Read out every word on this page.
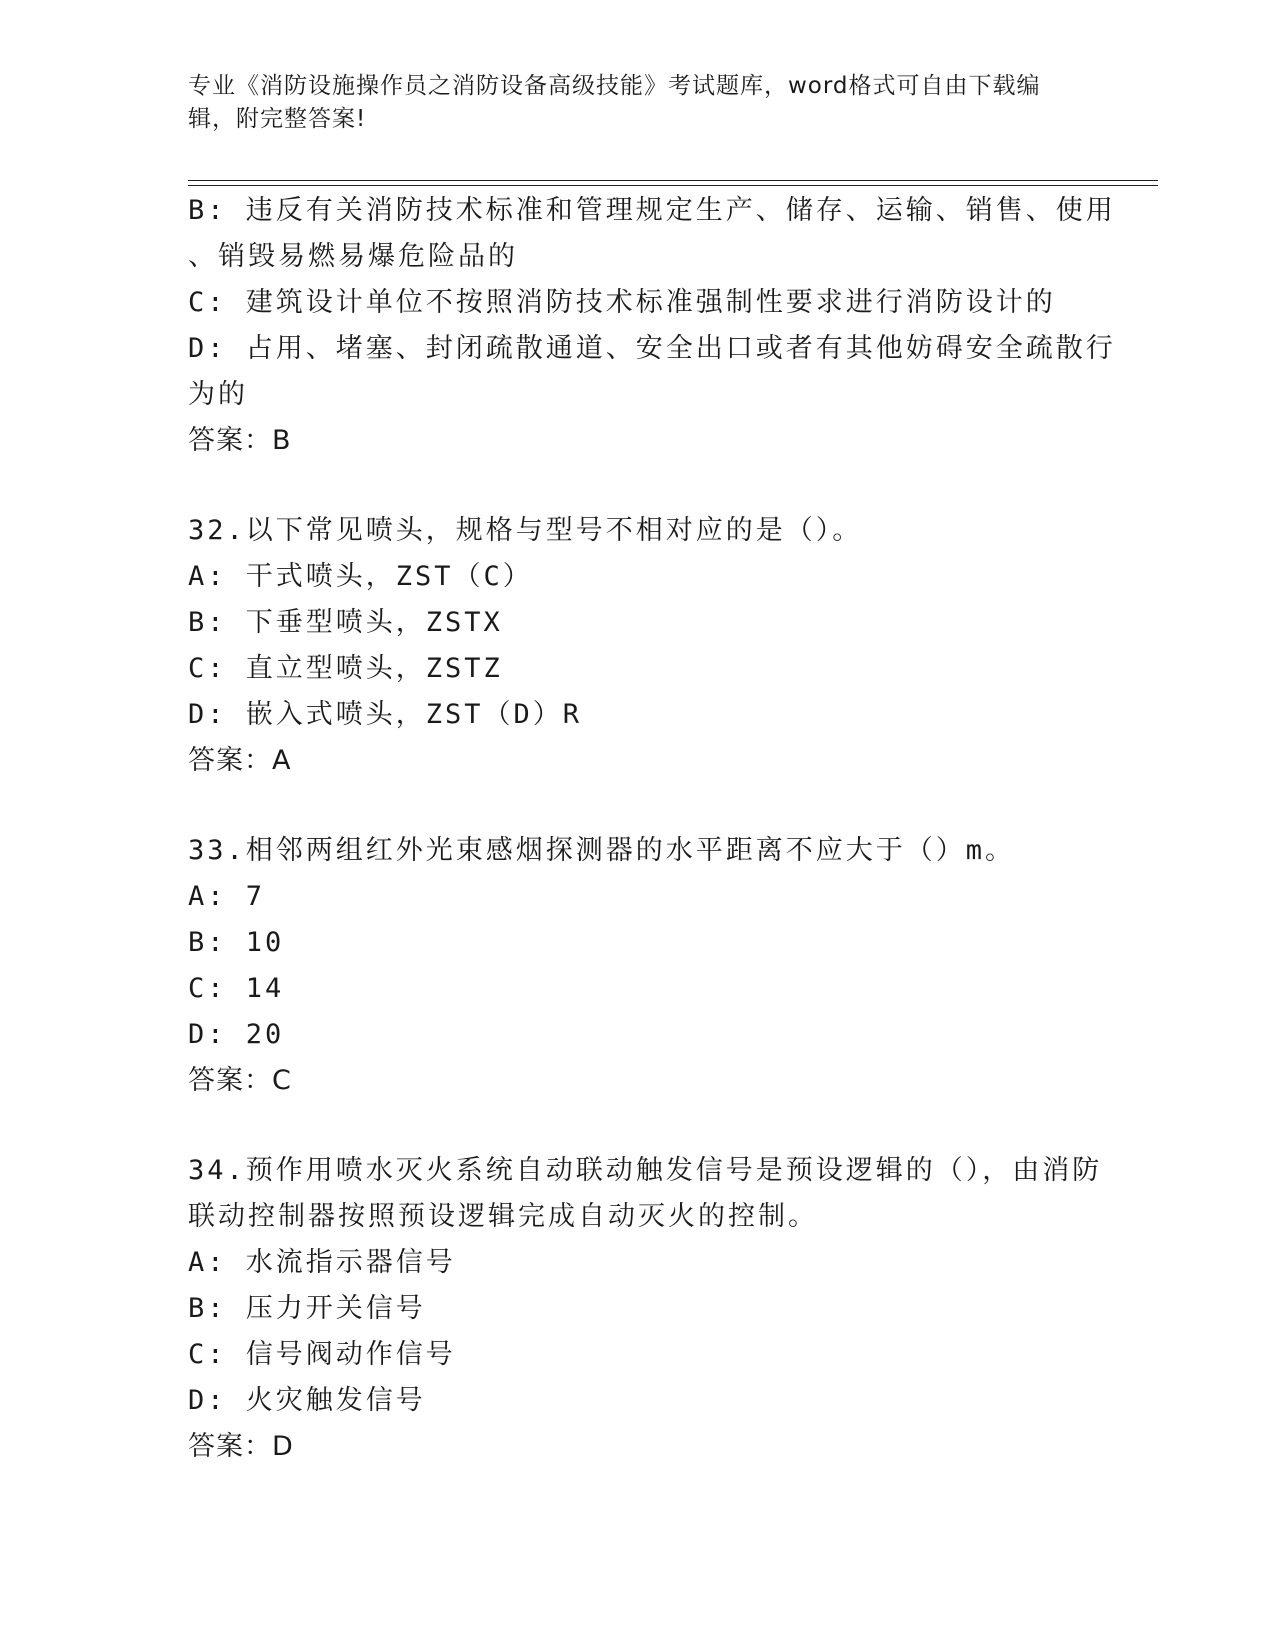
专业《消防设施操作员之消防设备高级技能》考试题库，word格式可自由下载编
辑，附完整答案!
B: 违反有关消防技术标准和管理规定生产、储存、运输、销售、使用
、销毁易燃易爆危险品的
C: 建筑设计单位不按照消防技术标准强制性要求进行消防设计的
D: 占用、堵塞、封闭疏散通道、安全出口或者有其他妨碍安全疏散行
为的
答案：B
32.以下常见喷头，规格与型号不相对应的是（）。
A: 干式喷头，ZST（C）
B: 下垂型喷头，ZSTX
C: 直立型喷头，ZSTZ
D: 嵌入式喷头，ZST（D）R
答案：A
33.相邻两组红外光束感烟探测器的水平距离不应大于（）m。
A: 7
B: 10
C: 14
D: 20
答案：C
34.预作用喷水灭火系统自动联动触发信号是预设逻辑的（），由消防
联动控制器按照预设逻辑完成自动灭火的控制。
A: 水流指示器信号
B: 压力开关信号
C: 信号阀动作信号
D: 火灾触发信号
答案：D
